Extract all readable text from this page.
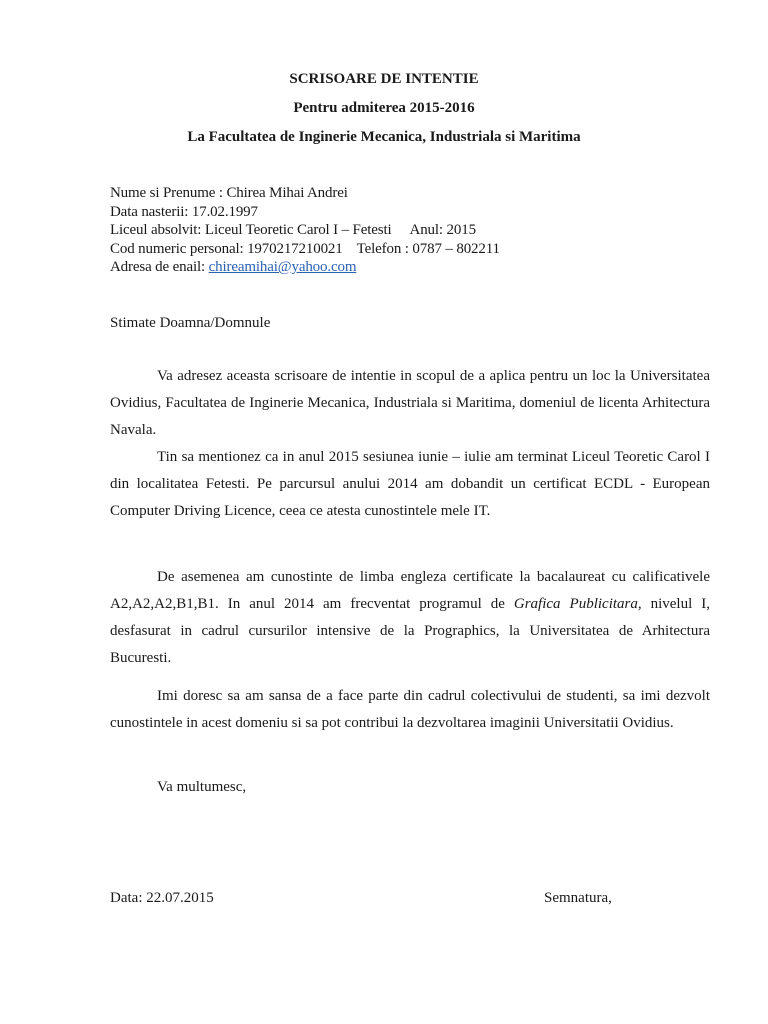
SCRISOARE DE INTENTIE
Pentru admiterea 2015-2016
La Facultatea de Inginerie Mecanica, Industriala si Maritima
Nume si Prenume : Chirea Mihai Andrei
Data nasterii: 17.02.1997
Liceul absolvit: Liceul Teoretic Carol I – Fetesti Anul: 2015
Cod numeric personal: 1970217210021 Telefon : 0787 – 802211
Adresa de enail: chireamihai@yahoo.com
Stimate Doamna/Domnule
Va adresez aceasta scrisoare de intentie in scopul de a aplica pentru un loc la Universitatea Ovidius, Facultatea de Inginerie Mecanica, Industriala si Maritima, domeniul de licenta Arhitectura Navala.
Tin sa mentionez ca in anul 2015 sesiunea iunie – iulie am terminat Liceul Teoretic Carol I din localitatea Fetesti. Pe parcursul anului 2014 am dobandit un certificat ECDL - European Computer Driving Licence, ceea ce atesta cunostintele mele IT.
De asemenea am cunostinte de limba engleza certificate la bacalaureat cu calificativele A2,A2,A2,B1,B1. In anul 2014 am frecventat programul de Grafica Publicitara, nivelul I, desfasurat in cadrul cursurilor intensive de la Prographics, la Universitatea de Arhitectura Bucuresti.
Imi doresc sa am sansa de a face parte din cadrul colectivului de studenti, sa imi dezvolt cunostintele in acest domeniu si sa pot contribui la dezvoltarea imaginii Universitatii Ovidius.
Va multumesc,
Data: 22.07.2015	Semnatura,
